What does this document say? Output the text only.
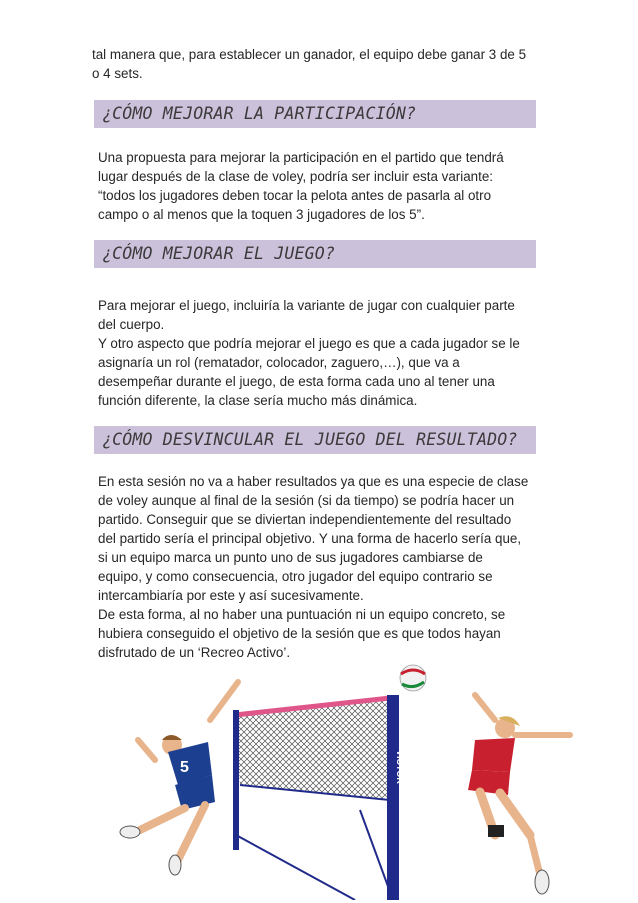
tal manera que, para establecer un ganador, el equipo debe ganar 3 de 5

o 4 sets.

¿CÓMO MEJORAR LA PARTICIPACIÓN?

Una propuesta para mejorar la participación en el partido que tendrá

lugar después de la clase de voley, podría ser incluir esta variante:

“todos los jugadores deben tocar la pelota antes de pasarla al otro

campo o al menos que la toquen 3 jugadores de los 5”.

¿CÓMO MEJORAR EL JUEGO?

Para mejorar el juego, incluiría la variante de jugar con cualquier parte

del cuerpo.

Y otro aspecto que podría mejorar el juego es que a cada jugador se le

asignaría un rol (rematador, colocador, zaguero,…), que va a

desempeñar durante el juego, de esta forma cada uno al tener una

función diferente, la clase sería mucho más dinámica.

¿CÓMO DESVINCULAR EL JUEGO DEL RESULTADO?

En esta sesión no va a haber resultados ya que es una especie de clase

de voley aunque al final de la sesión (si da tiempo) se podría hacer un

partido. Conseguir que se diviertan independientemente del resultado

del partido sería el principal objetivo. Y una forma de hacerlo sería que,

si un equipo marca un punto uno de sus jugadores cambiarse de

equipo, y como consecuencia, otro jugador del equipo contrario se

intercambiaría por este y así sucesivamente.

De esta forma, al no haber una puntuación ni un equipo concreto, se

hubiera conseguido el objetivo de la sesión que es que todos hayan

disfrutado de un ‘Recreo Activo’.

VICTOR
5
